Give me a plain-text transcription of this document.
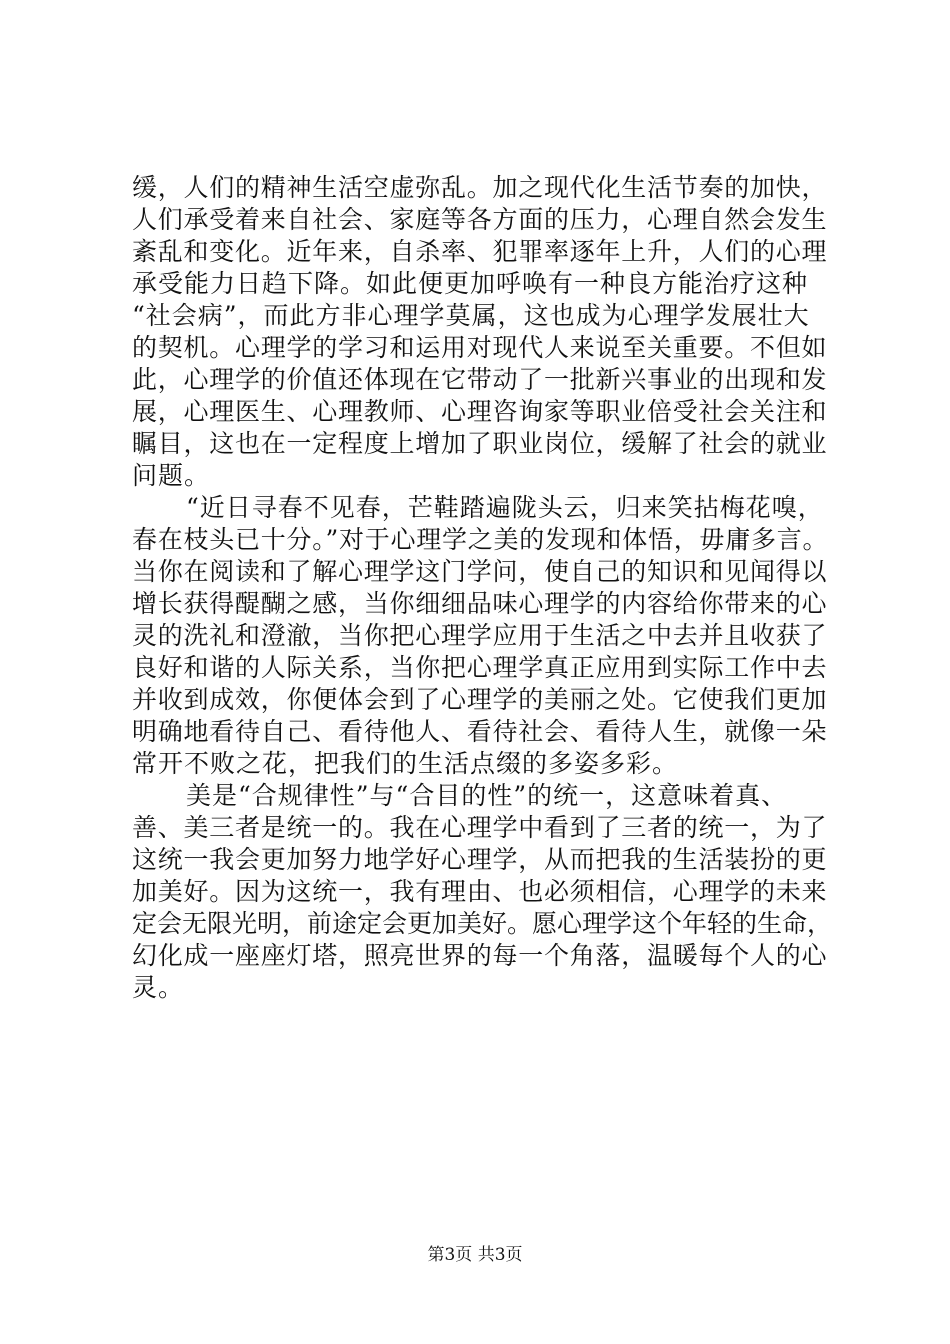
缓，人们的精神生活空虚弥乱。加之现代化生活节奏的加快，
人们承受着来自社会、家庭等各方面的压力，心理自然会发生
紊乱和变化。近年来，自杀率、犯罪率逐年上升，人们的心理
承受能力日趋下降。如此便更加呼唤有一种良方能治疗这种
“社会病”，而此方非心理学莫属，这也成为心理学发展壮大
的契机。心理学的学习和运用对现代人来说至关重要。不但如
此，心理学的价值还体现在它带动了一批新兴事业的出现和发
展，心理医生、心理教师、心理咨询家等职业倍受社会关注和
瞩目，这也在一定程度上增加了职业岗位，缓解了社会的就业
问题。
“近日寻春不见春，芒鞋踏遍陇头云，归来笑拈梅花嗅，
春在枝头已十分。”对于心理学之美的发现和体悟，毋庸多言。
当你在阅读和了解心理学这门学问，使自己的知识和见闻得以
增长获得醍醐之感，当你细细品味心理学的内容给你带来的心
灵的洗礼和澄澈，当你把心理学应用于生活之中去并且收获了
良好和谐的人际关系，当你把心理学真正应用到实际工作中去
并收到成效，你便体会到了心理学的美丽之处。它使我们更加
明确地看待自己、看待他人、看待社会、看待人生，就像一朵
常开不败之花，把我们的生活点缀的多姿多彩。
美是“合规律性”与“合目的性”的统一，这意味着真、
善、美三者是统一的。我在心理学中看到了三者的统一，为了
这统一我会更加努力地学好心理学，从而把我的生活装扮的更
加美好。因为这统一，我有理由、也必须相信，心理学的未来
定会无限光明，前途定会更加美好。愿心理学这个年轻的生命，
幻化成一座座灯塔，照亮世界的每一个角落，温暖每个人的心
灵。
第3页 共3页
